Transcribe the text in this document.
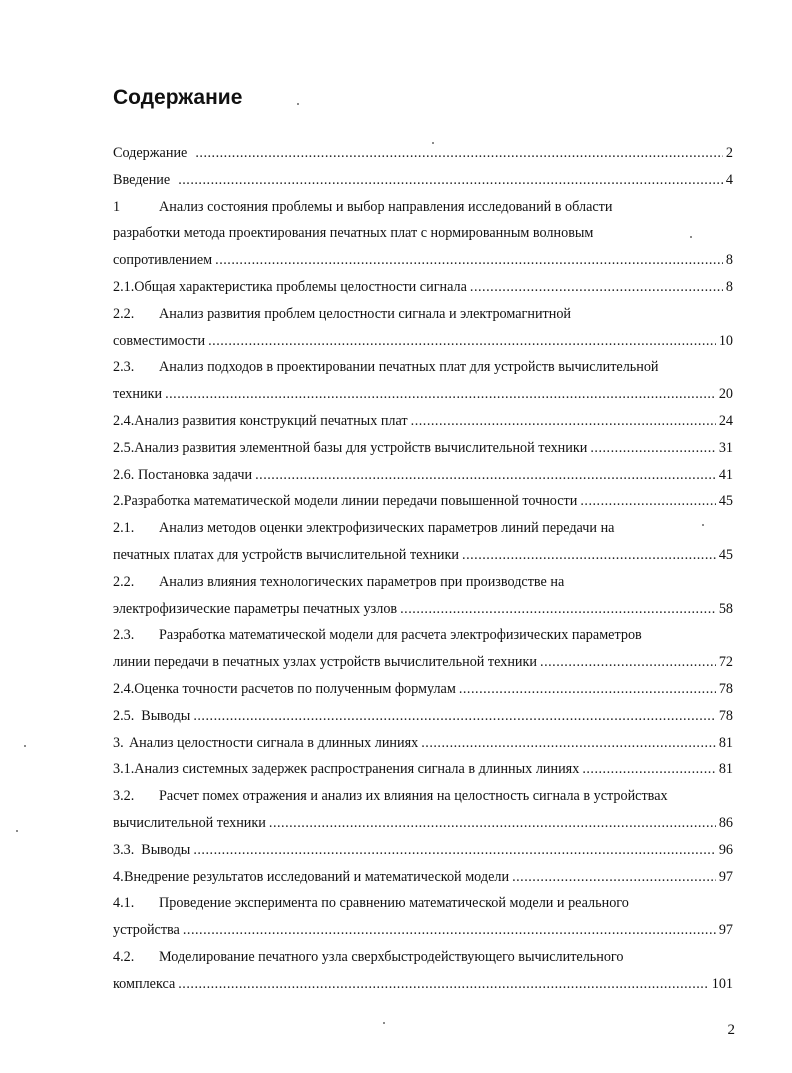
Содержание
Содержание .....	2
Введение .....	4
1	Анализ состояния проблемы и выбор направления исследований в области
разработки метода проектирования печатных плат с нормированным волновым
сопротивлением .....	8
2.1. Общая характеристика проблемы целостности сигнала .....	8
2.2.	Анализ развития проблем целостности сигнала и электромагнитной
совместимости .....	10
2.3.	Анализ подходов в проектировании печатных плат для устройств вычислительной
техники .....	20
2.4. Анализ развития конструкций печатных плат .....	24
2.5. Анализ развития элементной базы для устройств вычислительной техники .....	31
2.6. Постановка задачи .....	41
2. Разработка математической модели линии передачи повышенной точности .....	45
2.1.	Анализ методов оценки электрофизических параметров линий передачи на
печатных платах для устройств вычислительной техники .....	45
2.2.	Анализ влияния технологических параметров при производстве на
электрофизические параметры печатных узлов .....	58
2.3.	Разработка математической модели для расчета электрофизических параметров
линии передачи в печатных узлах устройств вычислительной техники .....	72
2.4. Оценка точности расчетов по полученным формулам .....	78
2.5. Выводы .....	78
3. Анализ целостности сигнала в длинных линиях .....	81
3.1. Анализ системных задержек распространения сигнала в длинных линиях .....	81
3.2.	Расчет помех отражения и анализ их влияния на целостность сигнала в устройствах
вычислительной техники .....	86
3.3. Выводы .....	96
4. Внедрение результатов исследований и математической модели .....	97
4.1.	Проведение эксперимента по сравнению математической модели и реального
устройства .....	97
4.2.	Моделирование печатного узла сверхбыстродействующего вычислительного
комплекса .....	101
2
